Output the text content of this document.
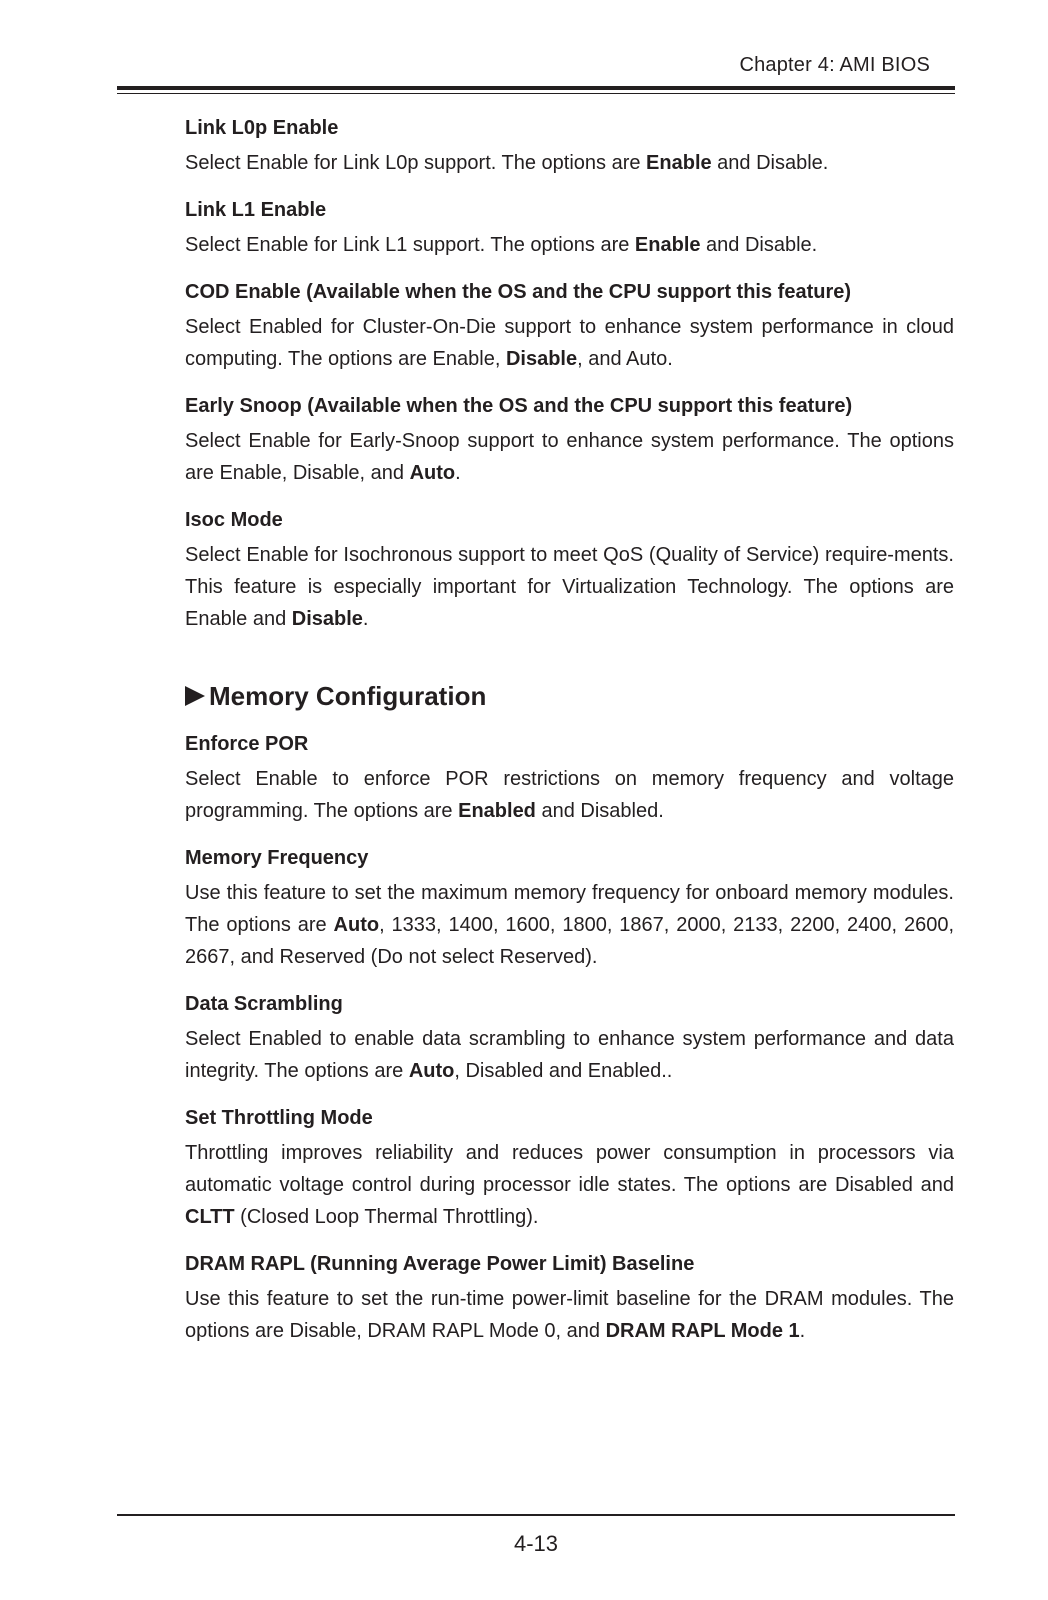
Chapter 4: AMI BIOS
Link L0p Enable

Select Enable for Link L0p support. The options are Enable and Disable.

Link L1 Enable

Select Enable for Link L1 support. The options are Enable and Disable.

COD Enable (Available when the OS and the CPU support this feature)

Select Enabled for Cluster-On-Die support to enhance system performance in cloud computing. The options are Enable, Disable, and Auto.

Early Snoop (Available when the OS and the CPU support this feature)

Select Enable for Early-Snoop support to enhance system performance. The options are Enable, Disable, and Auto.

Isoc Mode

Select Enable for Isochronous support to meet QoS (Quality of Service) require-ments. This feature is especially important for Virtualization Technology. The options are Enable and Disable.

Memory Configuration
Enforce POR

Select Enable to enforce POR restrictions on memory frequency and voltage programming. The options are Enabled and Disabled.

Memory Frequency

Use this feature to set the maximum memory frequency for onboard memory modules. The options are Auto, 1333, 1400, 1600, 1800, 1867, 2000, 2133, 2200, 2400, 2600, 2667, and Reserved (Do not select Reserved).

Data Scrambling

Select Enabled to enable data scrambling to enhance system performance and data integrity. The options are Auto, Disabled and Enabled..

Set Throttling Mode

Throttling improves reliability and reduces power consumption in processors via automatic voltage control during processor idle states. The options are Disabled and CLTT (Closed Loop Thermal Throttling).

DRAM RAPL (Running Average Power Limit) Baseline

Use this feature to set the run-time power-limit baseline for the DRAM modules. The options are Disable, DRAM RAPL Mode 0, and DRAM RAPL Mode 1.

4-13
